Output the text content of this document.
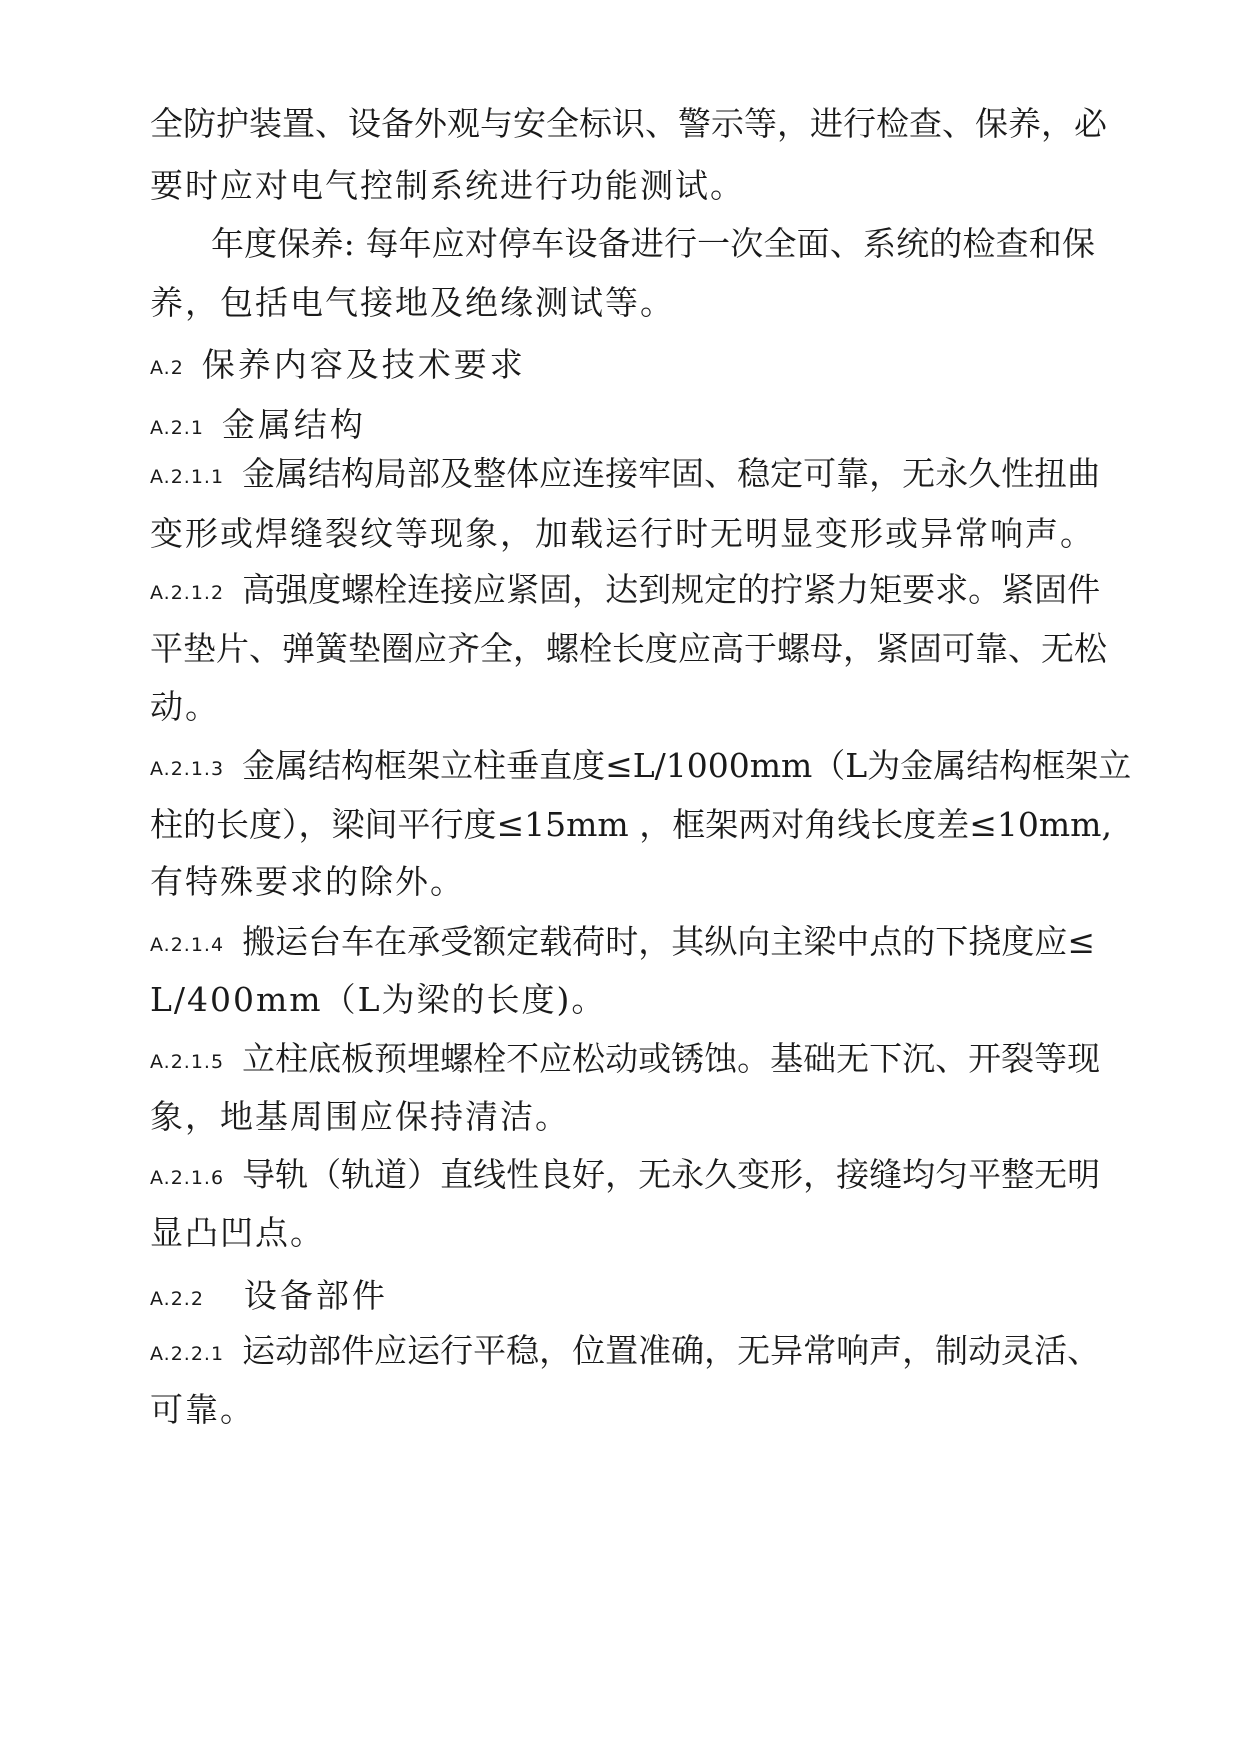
全防护装置、设备外观与安全标识、警示等，进行检查、保养，必
要时应对电气控制系统进行功能测试。
年度保养: 每年应对停车设备进行一次全面、系统的检查和保
养，包括电气接地及绝缘测试等。
A.2 保养内容及技术要求
A.2.1 金属结构
A.2.1.1 金属结构局部及整体应连接牢固、稳定可靠，无永久性扭曲
变形或焊缝裂纹等现象，加载运行时无明显变形或异常响声。
A.2.1.2 高强度螺栓连接应紧固，达到规定的拧紧力矩要求。紧固件
平垫片、弹簧垫圈应齐全，螺栓长度应高于螺母，紧固可靠、无松
动。
A.2.1.3 金属结构框架立柱垂直度≤L/1000mm（L为金属结构框架立
柱的长度），梁间平行度≤15mm ，框架两对角线长度差≤10mm,
有特殊要求的除外。
A.2.1.4 搬运台车在承受额定载荷时，其纵向主梁中点的下挠度应≤
L/400mm（L为梁的长度)。
A.2.1.5 立柱底板预埋螺栓不应松动或锈蚀。基础无下沉、开裂等现
象，地基周围应保持清洁。
A.2.1.6 导轨（轨道）直线性良好，无永久变形，接缝均匀平整无明
显凸凹点。
A.2.2 设备部件
A.2.2.1 运动部件应运行平稳，位置准确，无异常响声，制动灵活、
可靠。
